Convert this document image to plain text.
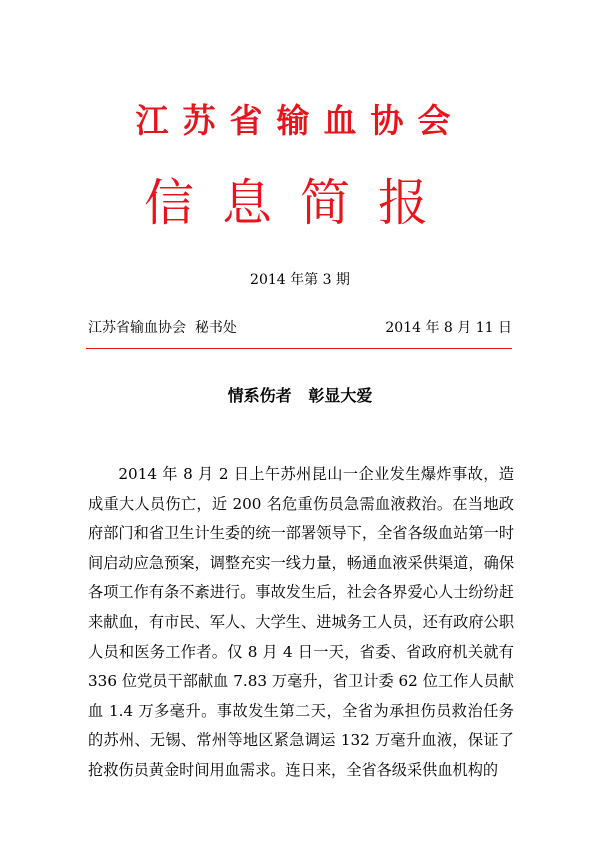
江苏省输血协会
信息简报
2014 年第 3 期
江苏省输血协会  秘书处	2014 年 8 月 11 日
情系伤者   彰显大爱

2014 年 8 月 2 日上午苏州昆山一企业发生爆炸事故，造成重大人员伤亡，近 200 名危重伤员急需血液救治。在当地政府部门和省卫生计生委的统一部署领导下，全省各级血站第一时间启动应急预案，调整充实一线力量，畅通血液采供渠道，确保各项工作有条不紊进行。事故发生后，社会各界爱心人士纷纷赶来献血，有市民、军人、大学生、进城务工人员，还有政府公职人员和医务工作者。仅 8 月 4 日一天，省委、省政府机关就有 336 位党员干部献血 7.83 万毫升，省卫计委 62 位工作人员献血 1.4 万多毫升。事故发生第二天，全省为承担伤员救治任务的苏州、无锡、常州等地区紧急调运 132 万毫升血液，保证了抢救伤员黄金时间用血需求。连日来，全省各级采供血机构的
